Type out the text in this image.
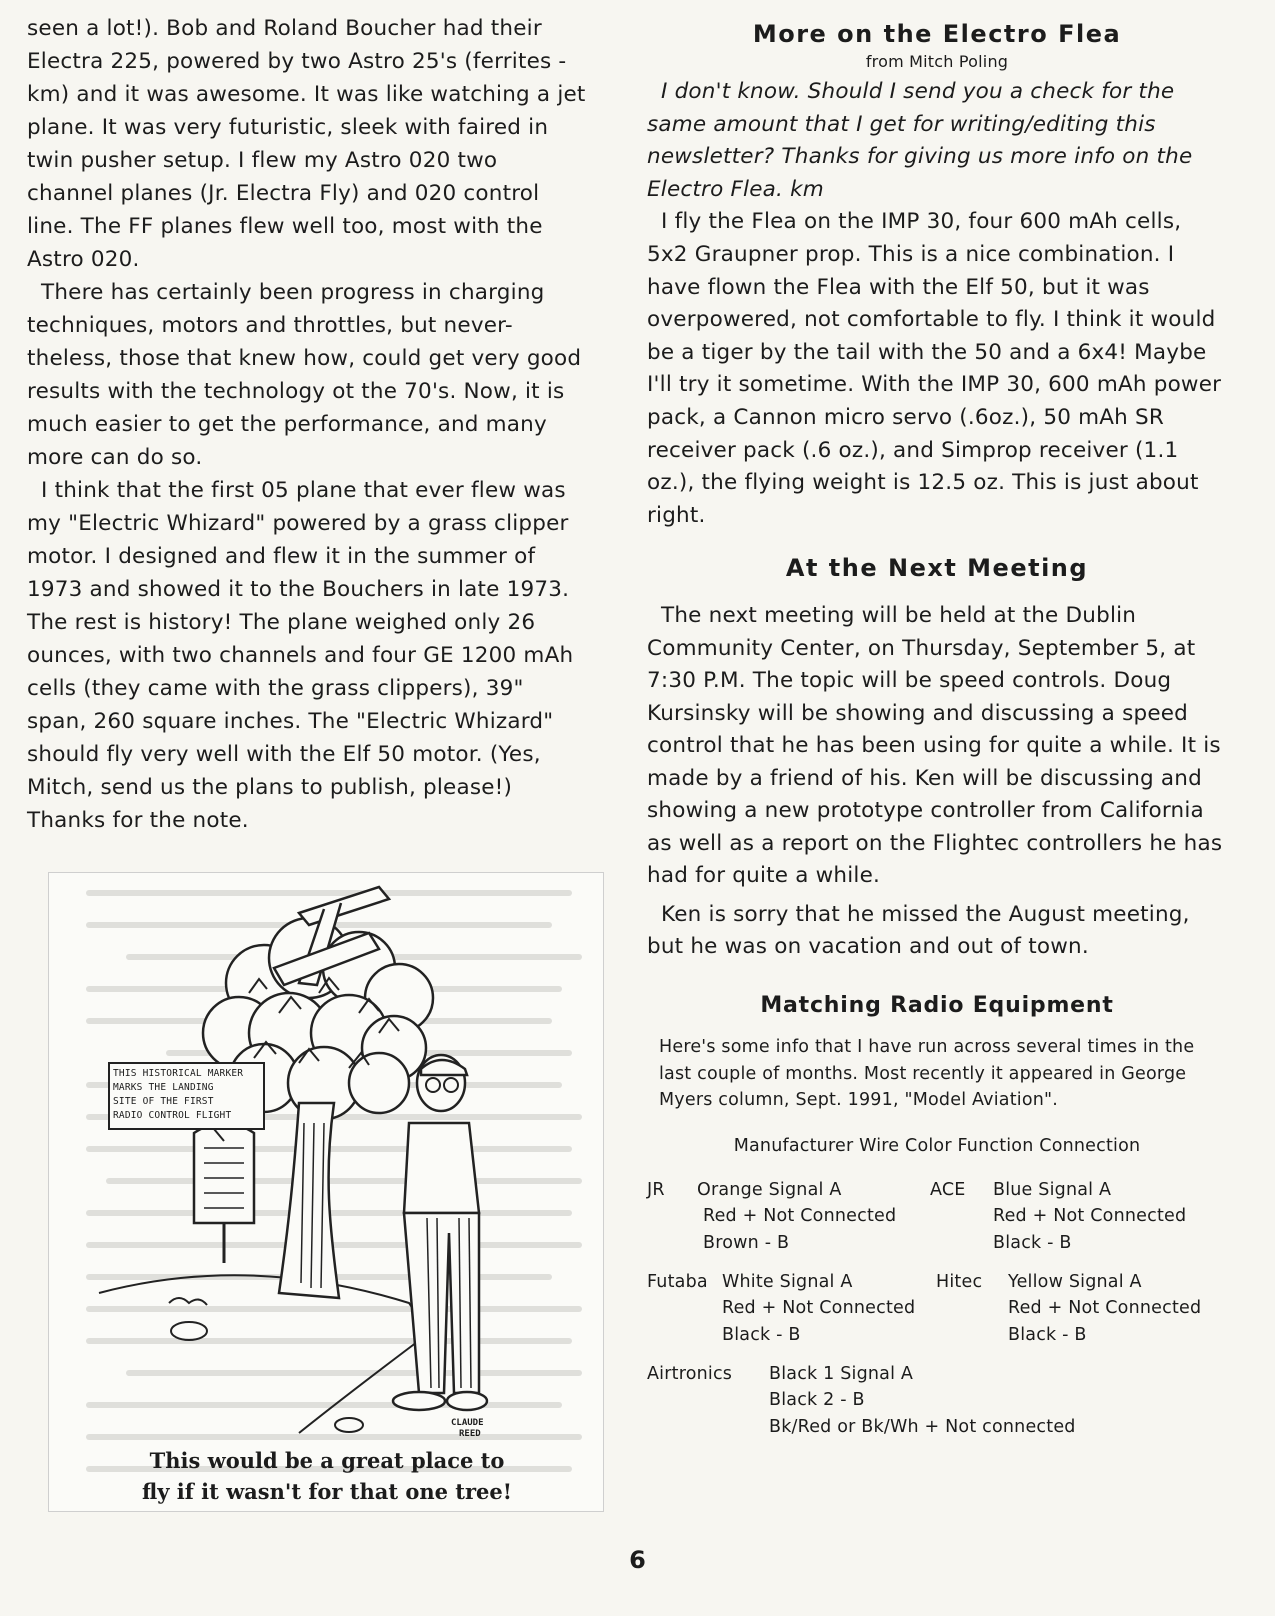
seen a lot!). Bob and Roland Boucher had their Electra 225, powered by two Astro 25's (ferrites - km) and it was awesome. It was like watching a jet plane. It was very futuristic, sleek with faired in twin pusher setup. I flew my Astro 020 two channel planes (Jr. Electra Fly) and 020 control line. The FF planes flew well too, most with the Astro 020.

There has certainly been progress in charging techniques, motors and throttles, but never-theless, those that knew how, could get very good results with the technology ot the 70's. Now, it is much easier to get the performance, and many more can do so.

I think that the first 05 plane that ever flew was my "Electric Whizard" powered by a grass clipper motor. I designed and flew it in the summer of 1973 and showed it to the Bouchers in late 1973. The rest is history! The plane weighed only 26 ounces, with two channels and four GE 1200 mAh cells (they came with the grass clippers), 39" span, 260 square inches. The "Electric Whizard" should fly very well with the Elf 50 motor. (Yes, Mitch, send us the plans to publish, please!) Thanks for the note.

THIS HISTORICAL MARKER
MARKS THE LANDING
SITE OF THE FIRST
RADIO CONTROL FLIGHT
CLAUDE
REED
This would be a great place to
fly if it wasn't for that one tree!
More on the Electro Flea
from Mitch Poling

I don't know. Should I send you a check for the same amount that I get for writing/editing this newsletter? Thanks for giving us more info on the Electro Flea. km

I fly the Flea on the IMP 30, four 600 mAh cells, 5x2 Graupner prop. This is a nice combination. I have flown the Flea with the Elf 50, but it was overpowered, not comfortable to fly. I think it would be a tiger by the tail with the 50 and a 6x4! Maybe I'll try it sometime. With the IMP 30, 600 mAh power pack, a Cannon micro servo (.6oz.), 50 mAh SR receiver pack (.6 oz.), and Simprop receiver (1.1 oz.), the flying weight is 12.5 oz. This is just about right.

At the Next Meeting

The next meeting will be held at the Dublin Community Center, on Thursday, September 5, at 7:30 P.M. The topic will be speed controls. Doug Kursinsky will be showing and discussing a speed control that he has been using for quite a while. It is made by a friend of his. Ken will be discussing and showing a new prototype controller from California as well as a report on the Flightec controllers he has had for quite a while.

Ken is sorry that he missed the August meeting, but he was on vacation and out of town.

Matching Radio Equipment

Here's some info that I have run across several times in the last couple of months. Most recently it appeared in George Myers column, Sept. 1991, "Model Aviation".

Manufacturer Wire Color Function Connection
JR Orange Signal A
Red + Not Connected
Brown - B
ACE Blue Signal A
Red + Not Connected
Black - B
Futaba White Signal A
Red + Not Connected
Black - B
Hitec Yellow Signal A
Red + Not Connected
Black - B
Airtronics Black 1 Signal A
Black 2 - B
Bk/Red or Bk/Wh + Not connected
6
